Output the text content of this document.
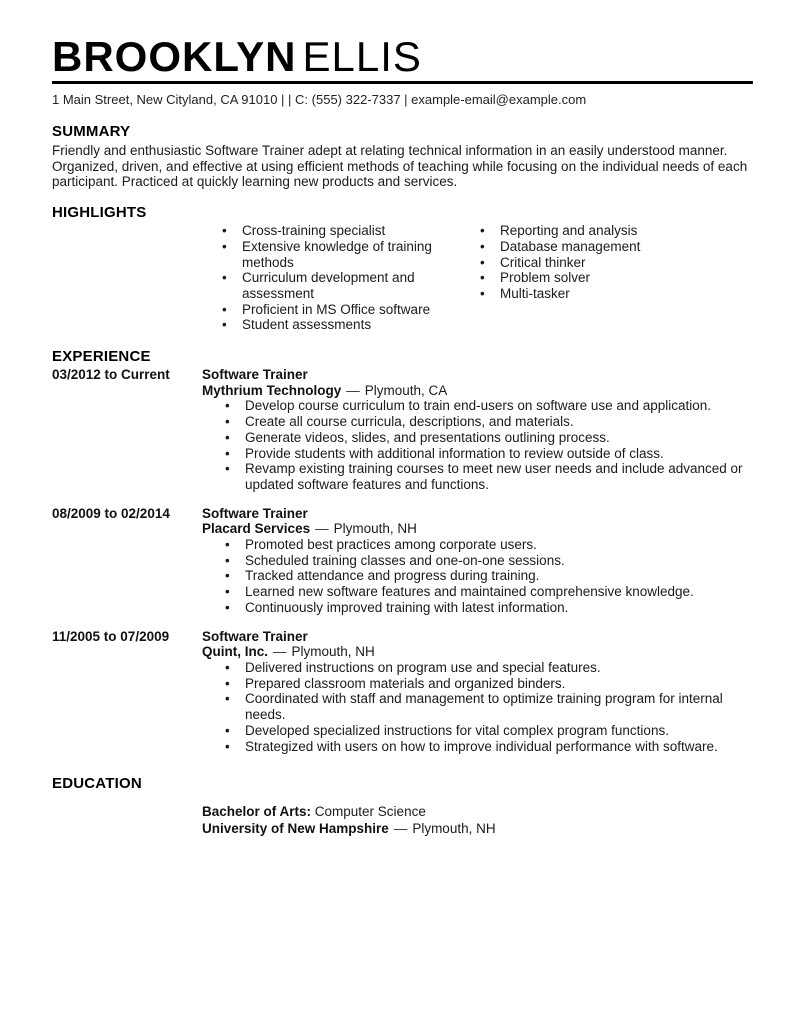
BROOKLYN ELLIS
1 Main Street, New Cityland, CA 91010 | | C: (555) 322-7337 | example-email@example.com
SUMMARY

Friendly and enthusiastic Software Trainer adept at relating technical information in an easily understood manner. Organized, driven, and effective at using efficient methods of teaching while focusing on the individual needs of each participant. Practiced at quickly learning new products and services.

HIGHLIGHTS
• Cross-training specialist
• Extensive knowledge of training methods
• Curriculum development and assessment
• Proficient in MS Office software
• Student assessments
• Reporting and analysis
• Database management
• Critical thinker
• Problem solver
• Multi-tasker
EXPERIENCE
03/2012 to Current	Software Trainer
Mythrium Technology — Plymouth, CA
• Develop course curriculum to train end-users on software use and application.
• Create all course curricula, descriptions, and materials.
• Generate videos, slides, and presentations outlining process.
• Provide students with additional information to review outside of class.
• Revamp existing training courses to meet new user needs and include advanced or updated software features and functions.
08/2009 to 02/2014	Software Trainer
Placard Services — Plymouth, NH
• Promoted best practices among corporate users.
• Scheduled training classes and one-on-one sessions.
• Tracked attendance and progress during training.
• Learned new software features and maintained comprehensive knowledge.
• Continuously improved training with latest information.
11/2005 to 07/2009	Software Trainer
Quint, Inc. — Plymouth, NH
• Delivered instructions on program use and special features.
• Prepared classroom materials and organized binders.
• Coordinated with staff and management to optimize training program for internal needs.
• Developed specialized instructions for vital complex program functions.
• Strategized with users on how to improve individual performance with software.
EDUCATION
Bachelor of Arts: Computer Science
University of New Hampshire — Plymouth, NH
